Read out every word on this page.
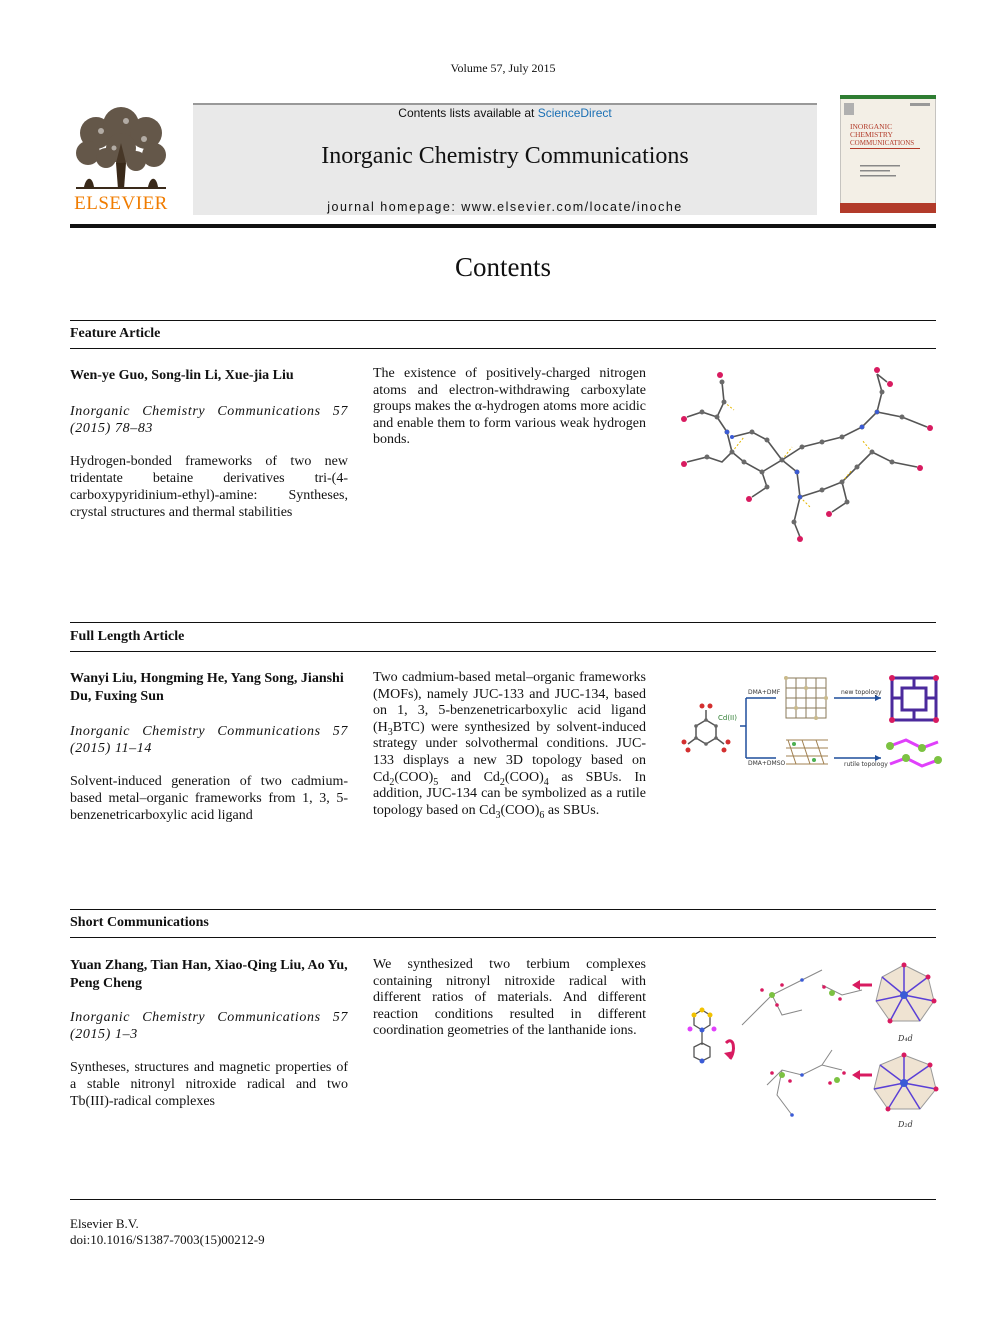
Volume 57, July 2015
ELSEVIER
Contents lists available at ScienceDirect
Inorganic Chemistry Communications
journal homepage: www.elsevier.com/locate/inoche
INORGANIC
CHEMISTRY
COMMUNICATIONS
Contents
Feature Article
Wen-ye Guo, Song-lin Li, Xue-jia Liu
Inorganic Chemistry Communications 57 (2015) 78–83
Hydrogen-bonded frameworks of two new tridentate betaine derivatives tri-(4-carboxypyridinium-ethyl)-amine: Syntheses, crystal structures and thermal stabilities
The existence of positively-charged nitrogen atoms and electron-withdrawing carboxylate groups makes the α-hydrogen atoms more acidic and enable them to form various weak hydrogen bonds.
Full Length Article
Wanyi Liu, Hongming He, Yang Song, Jianshi Du, Fuxing Sun
Inorganic Chemistry Communications 57 (2015) 11–14
Solvent-induced generation of two cadmium-based metal–organic frameworks from 1, 3, 5-benzenetricarboxylic acid ligand
Two cadmium-based metal–organic frameworks (MOFs), namely JUC-133 and JUC-134, based on 1, 3, 5-benzenetricarboxylic acid ligand $(H_3BTC)$ were synthesized by solvent-induced strategy under solvothermal conditions. JUC-133 displays a new 3D topology based on $Cd_2(COO)_5$ and $Cd_2(COO)_4$ as SBUs. In addition, JUC-134 can be symbolized as a rutile topology based on $Cd_3(COO)_6$ as SBUs.
Cd(II)
DMA+DMF
DMA+DMSO
new topology
rutile topology
Short Communications
Yuan Zhang, Tian Han, Xiao-Qing Liu, Ao Yu, Peng Cheng
Inorganic Chemistry Communications 57 (2015) 1–3
Syntheses, structures and magnetic properties of a stable nitronyl nitroxide radical and two Tb(III)-radical complexes
We synthesized two terbium complexes containing nitronyl nitroxide radical with different ratios of materials. And different reaction conditions resulted in different coordination geometries of the lanthanide ions.
D₄d
D₂d
Elsevier B.V.
doi:10.1016/S1387-7003(15)00212-9
